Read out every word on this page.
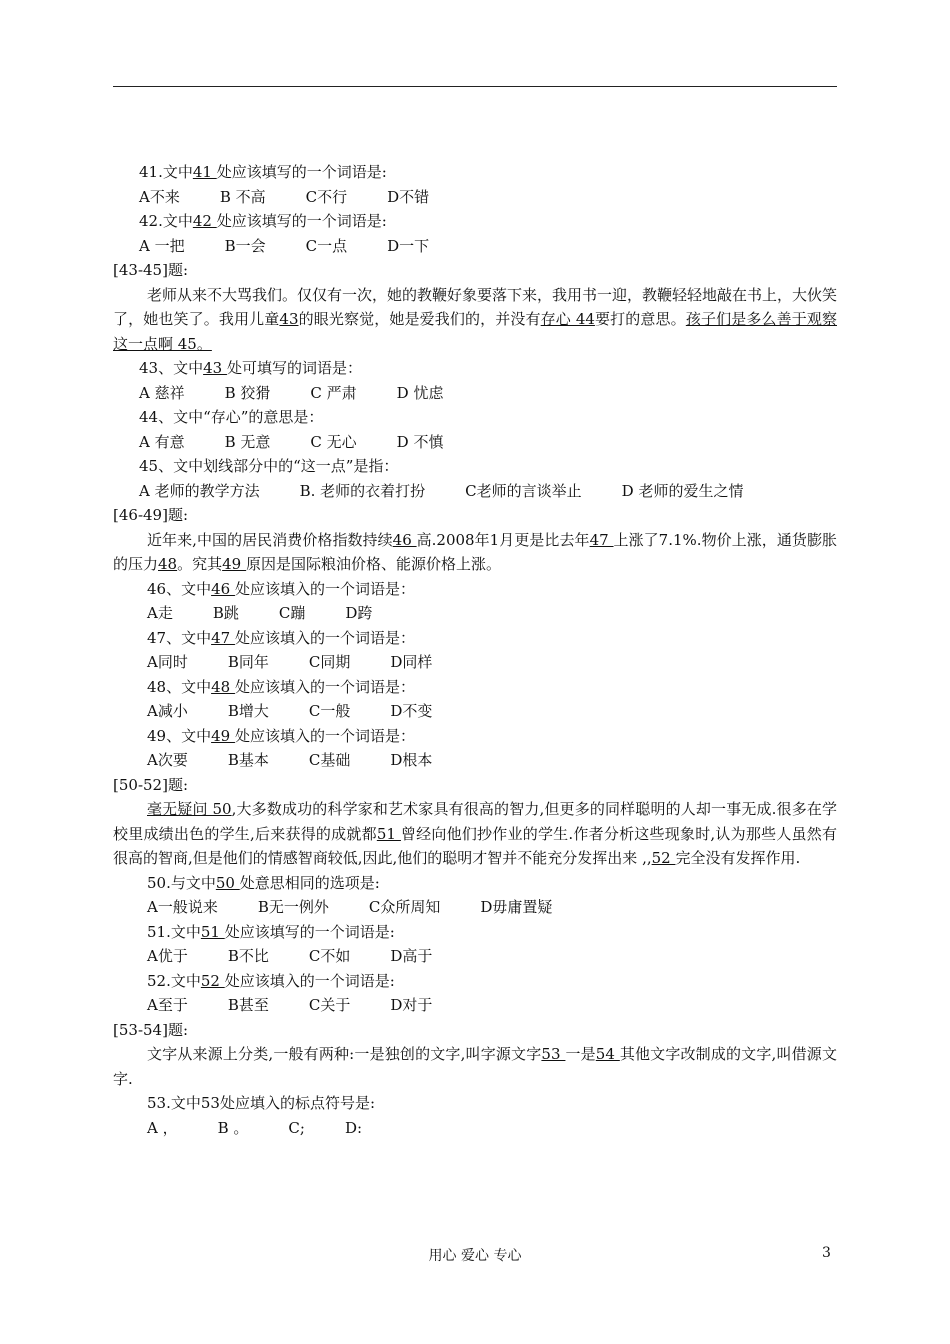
41.文中41 处应该填写的一个词语是:
A不来	B 不高	C不行	D不错
42.文中42 处应该填写的一个词语是:
A 一把	B一会	C一点	D一下
[43-45]题:
老师从来不大骂我们。仅仅有一次，她的教鞭好象要落下来，我用书一迎，教鞭轻轻地敲在书上，大伙笑了，她也笑了。我用儿童43的眼光察觉，她是爱我们的，并没有存心 44要打的意思。孩子们是多么善于观察这一点啊 45。
43、文中43 处可填写的词语是：
A 慈祥	B 狡猾	C 严肃	D 忧虑
44、文中“存心”的意思是：
A 有意	B 无意	C 无心	D 不慎
45、文中划线部分中的“这一点”是指：
A 老师的教学方法	B. 老师的衣着打扮	C老师的言谈举止	D 老师的爱生之情
[46-49]题:
近年来,中国的居民消费价格指数持续46 高.2008年1月更是比去年47 上涨了7.1%.物价上涨，通货膨胀的压力48。究其49 原因是国际粮油价格、能源价格上涨。
46、文中46 处应该填入的一个词语是：
A走	B跳	C蹦	D跨
47、文中47 处应该填入的一个词语是：
A同时	B同年	C同期	D同样
48、文中48 处应该填入的一个词语是：
A减小	B增大	C一般	D不变
49、文中49 处应该填入的一个词语是：
A次要	B基本	C基础	D根本
[50-52]题:
毫无疑问 50,大多数成功的科学家和艺术家具有很高的智力,但更多的同样聪明的人却一事无成.很多在学校里成绩出色的学生,后来获得的成就都51 曾经向他们抄作业的学生.作者分析这些现象时,认为那些人虽然有很高的智商,但是他们的情感智商较低,因此,他们的聪明才智并不能充分发挥出来 ,,52 完全没有发挥作用.
50.与文中50 处意思相同的选项是:
A一般说来	B无一例外	C众所周知	D毋庸置疑
51.文中51 处应该填写的一个词语是:
A优于	B不比	C不如	D高于
52.文中52 处应该填入的一个词语是:
A至于	B甚至	C关于	D对于
[53-54]题:
文字从来源上分类,一般有两种:一是独创的文字,叫字源文字53 一是54 其他文字改制成的文字,叫借源文字.
53.文中53处应填入的标点符号是:
A ，	B 。	C;	D:
用心 爱心 专心	3
